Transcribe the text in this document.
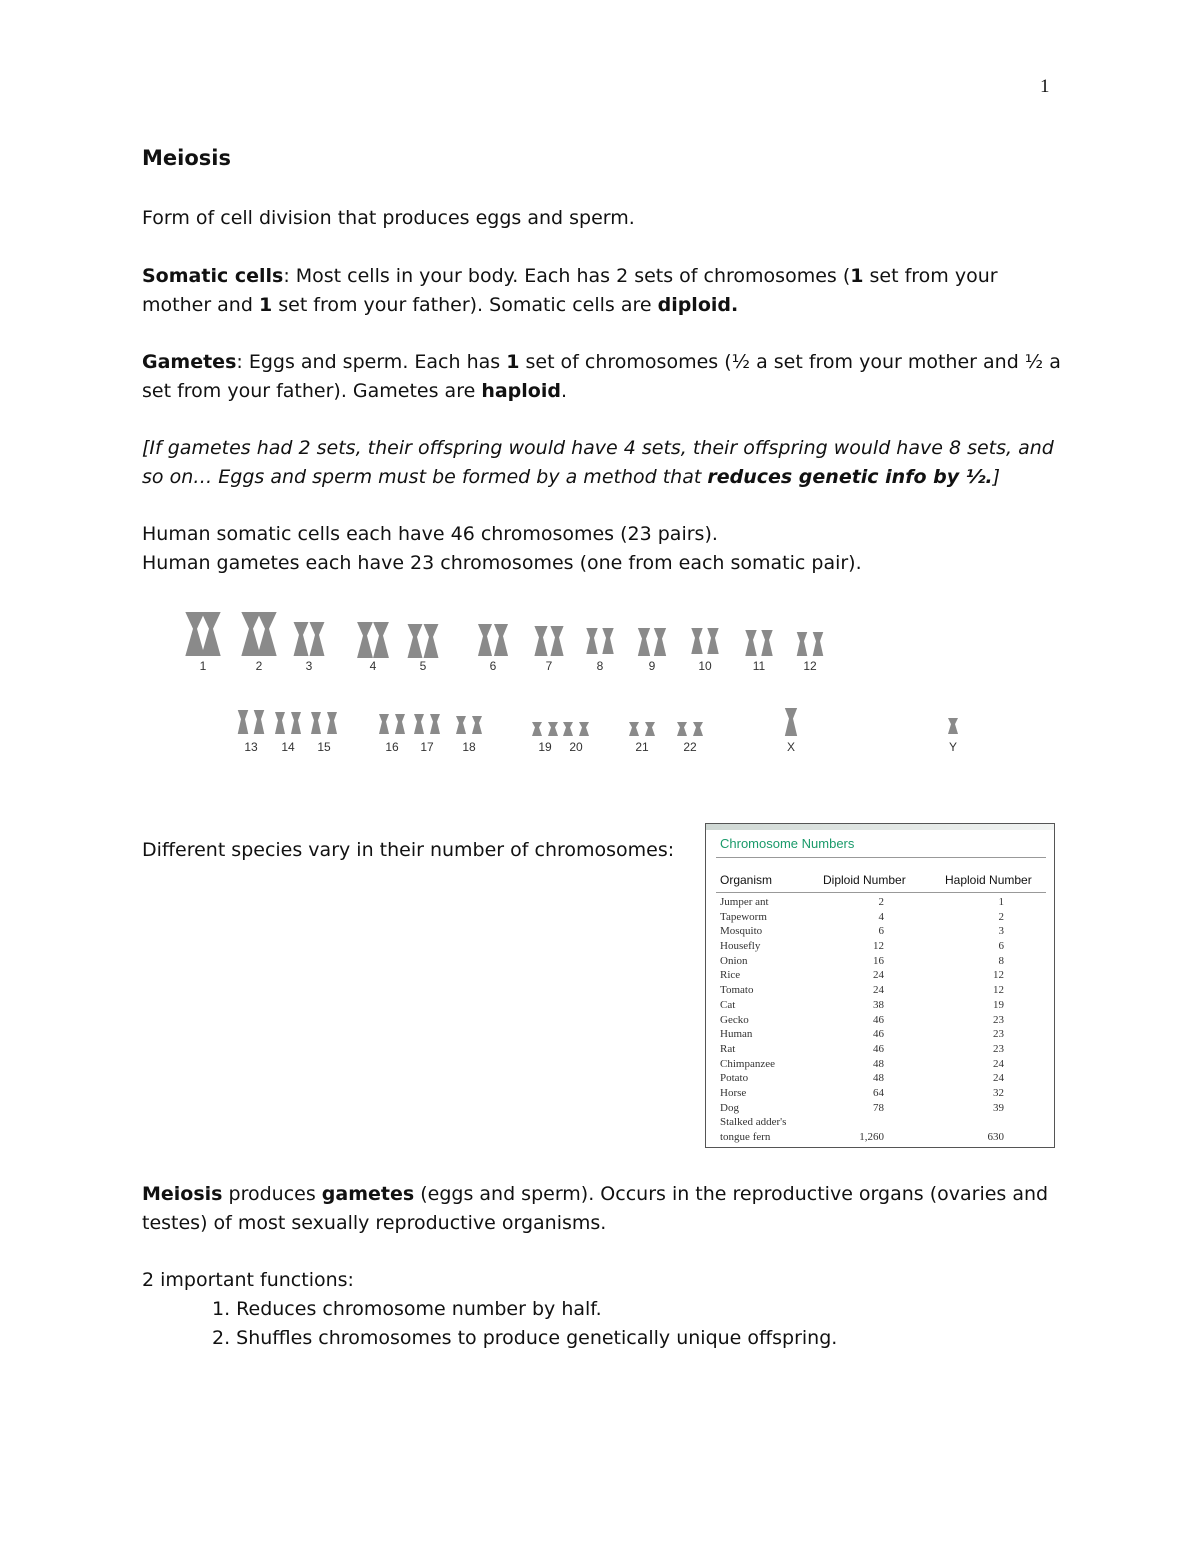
1
Meiosis

Form of cell division that produces eggs and sperm.

Somatic cells: Most cells in your body. Each has 2 sets of chromosomes (1 set from your mother and 1 set from your father). Somatic cells are diploid.

Gametes: Eggs and sperm. Each has 1 set of chromosomes (½ a set from your mother and ½ a set from your father). Gametes are haploid.

[If gametes had 2 sets, their offspring would have 4 sets, their offspring would have 8 sets, and so on… Eggs and sperm must be formed by a method that reduces genetic info by ½.]

Human somatic cells each have 46 chromosomes (23 pairs).

Human gametes each have 23 chromosomes (one from each somatic pair).

1	2	3	4	5	6	7	8	9	10	11	12
13 14 15	16 17 18	19 20	21	22	X	Y

Different species vary in their number of chromosomes:	Chromosome Numbers
Organism	Diploid Number	Haploid Number
Jumper ant	2	1
Tapeworm	4	2
Mosquito	6	3
Housefly	12	6
Onion	16	8
Rice	24	12
Tomato	24	12
Cat	38	19
Gecko	46	23
Human	46	23
Rat	46	23
Chimpanzee	48	24
Potato	48	24
Horse	64	32
Dog	78	39
Stalked adder's
tongue fern	1,260	630

Meiosis produces gametes (eggs and sperm). Occurs in the reproductive organs (ovaries and testes) of most sexually reproductive organisms.

2 important functions:

1. Reduces chromosome number by half.
2. Shuffles chromosomes to produce genetically unique offspring.
